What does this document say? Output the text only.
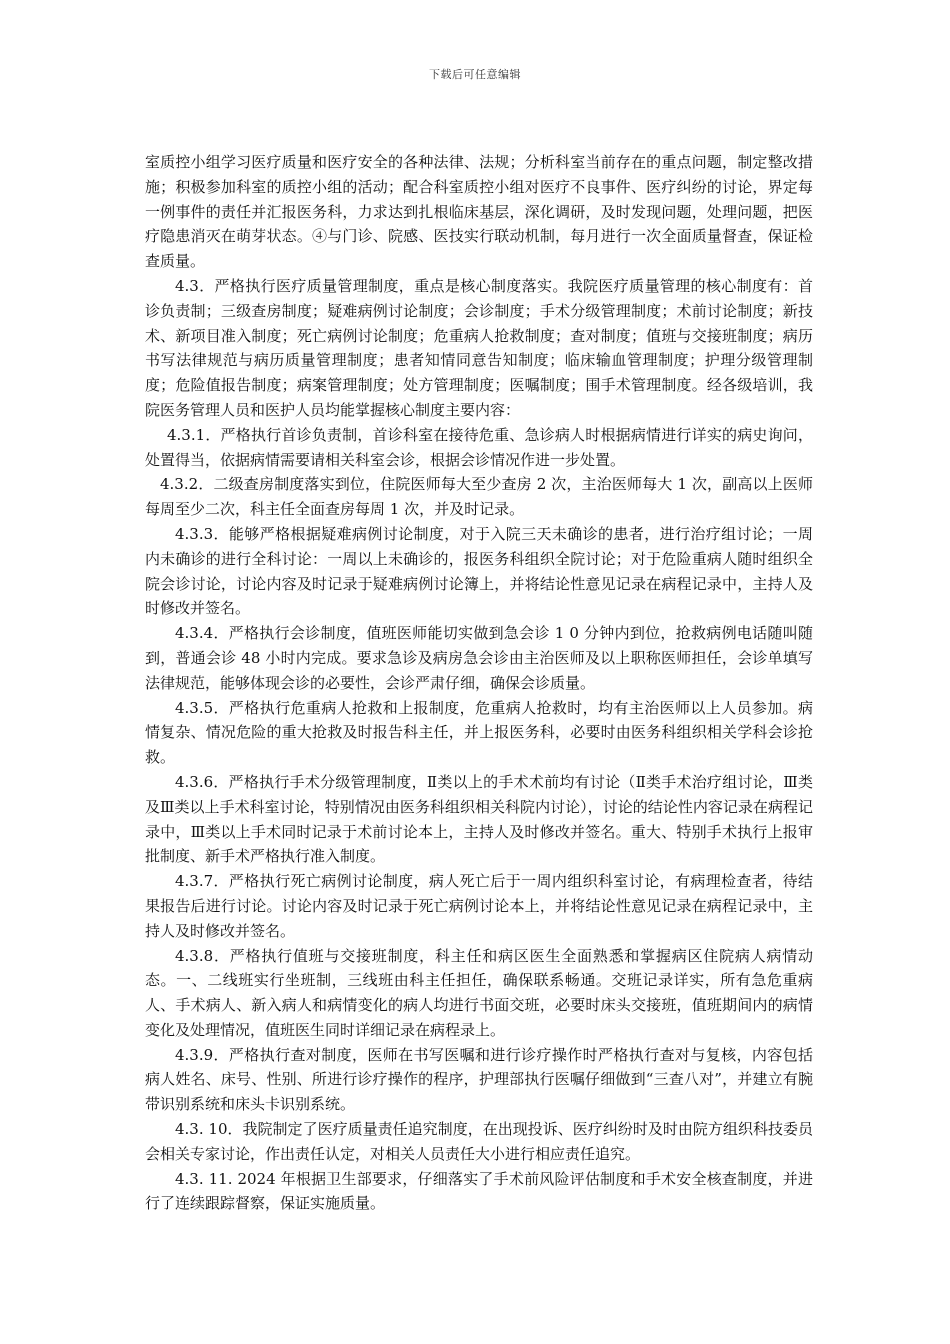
下载后可任意编辑

室质控小组学习医疗质量和医疗安全的各种法律、法规；分析科室当前存在的重点问题，制定整改措施；积极参加科室的质控小组的活动；配合科室质控小组对医疗不良事件、医疗纠纷的讨论，界定每一例事件的责任并汇报医务科，力求达到扎根临床基层，深化调研，及时发现问题，处理问题，把医疗隐患消灭在萌芽状态。④与门诊、院感、医技实行联动机制，每月进行一次全面质量督查，保证检查质量。

4.3．严格执行医疗质量管理制度，重点是核心制度落实。我院医疗质量管理的核心制度有：首诊负责制；三级查房制度；疑难病例讨论制度；会诊制度；手术分级管理制度；术前讨论制度；新技术、新项目准入制度；死亡病例讨论制度；危重病人抢救制度；查对制度；值班与交接班制度；病历书写法律规范与病历质量管理制度；患者知情同意告知制度；临床输血管理制度；护理分级管理制度；危险值报告制度；病案管理制度；处方管理制度；医嘱制度；围手术管理制度。经各级培训，我院医务管理人员和医护人员均能掌握核心制度主要内容：

4.3.1．严格执行首诊负责制，首诊科室在接待危重、急诊病人时根据病情进行详实的病史询问，处置得当，依据病情需要请相关科室会诊，根据会诊情况作进一步处置。

4.3.2．二级查房制度落实到位，住院医师每大至少查房 2 次，主治医师每大 1 次，副高以上医师每周至少二次，科主任全面查房每周 1 次，并及时记录。

4.3.3．能够严格根据疑难病例讨论制度，对于入院三天未确诊的患者，进行治疗组讨论；一周内未确诊的进行全科讨论：一周以上未确诊的，报医务科组织全院讨论；对于危险重病人随时组织全院会诊讨论，讨论内容及时记录于疑难病例讨论簿上，并将结论性意见记录在病程记录中，主持人及时修改并签名。

4.3.4．严格执行会诊制度，值班医师能切实做到急会诊 1 0 分钟内到位，抢救病例电话随叫随到，普通会诊 48 小时内完成。要求急诊及病房急会诊由主治医师及以上职称医师担任，会诊单填写法律规范，能够体现会诊的必要性，会诊严肃仔细，确保会诊质量。

4.3.5．严格执行危重病人抢救和上报制度，危重病人抢救时，均有主治医师以上人员参加。病情复杂、情况危险的重大抢救及时报告科主任，并上报医务科，必要时由医务科组织相关学科会诊抢救。

4.3.6．严格执行手术分级管理制度，Ⅱ类以上的手术术前均有讨论（Ⅱ类手术治疗组讨论，Ⅲ类及Ⅲ类以上手术科室讨论，特别情况由医务科组织相关科院内讨论），讨论的结论性内容记录在病程记录中，Ⅲ类以上手术同时记录于术前讨论本上，主持人及时修改并签名。重大、特别手术执行上报审批制度、新手术严格执行准入制度。

4.3.7．严格执行死亡病例讨论制度，病人死亡后于一周内组织科室讨论，有病理检查者，待结果报告后进行讨论。讨论内容及时记录于死亡病例讨论本上，并将结论性意见记录在病程记录中，主持人及时修改并签名。

4.3.8．严格执行值班与交接班制度，科主任和病区医生全面熟悉和掌握病区住院病人病情动态。一、二线班实行坐班制，三线班由科主任担任，确保联系畅通。交班记录详实，所有急危重病人、手术病人、新入病人和病情变化的病人均进行书面交班，必要时床头交接班，值班期间内的病情变化及处理情况，值班医生同时详细记录在病程录上。

4.3.9．严格执行查对制度，医师在书写医嘱和进行诊疗操作时严格执行查对与复核，内容包括病人姓名、床号、性别、所进行诊疗操作的程序，护理部执行医嘱仔细做到“三查八对”，并建立有腕带识别系统和床头卡识别系统。

4.3. 10．我院制定了医疗质量责任追究制度，在出现投诉、医疗纠纷时及时由院方组织科技委员会相关专家讨论，作出责任认定，对相关人员责任大小进行相应责任追究。

4.3. 11. 2024 年根据卫生部要求，仔细落实了手术前风险评估制度和手术安全核查制度，并进行了连续跟踪督察，保证实施质量。
